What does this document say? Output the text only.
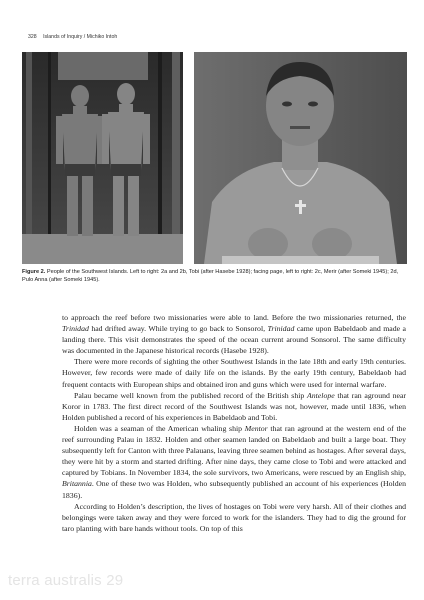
328 Islands of Inquiry / Michiko Intoh
Figure 2. People of the Southwest Islands. Left to right: 2a and 2b, Tobi (after Hasebe 1928); facing page, left to right: 2c, Merir (after Someki 1945); 2d, Pulo Anna (after Someki 1945).

to approach the reef before two missionaries were able to land. Before the two missionaries returned, the Trinidad had drifted away. While trying to go back to Sonsorol, Trinidad came upon Babeldaob and made a landing there. This visit demonstrates the speed of the ocean current around Sonsorol. The same difficulty was documented in the Japanese historical records (Hasebe 1928).

There were more records of sighting the other Southwest Islands in the late 18th and early 19th centuries. However, few records were made of daily life on the islands. By the early 19th century, Babeldaob had frequent contacts with European ships and obtained iron and guns which were used for internal warfare.

Palau became well known from the published record of the British ship Antelope that ran aground near Koror in 1783. The first direct record of the Southwest Islands was not, however, made until 1836, when Holden published a record of his experiences in Babeldaob and Tobi.

Holden was a seaman of the American whaling ship Mentor that ran aground at the western end of the reef surrounding Palau in 1832. Holden and other seamen landed on Babeldaob and built a large boat. They subsequently left for Canton with three Palauans, leaving three seamen behind as hostages. After several days, they were hit by a storm and started drifting. After nine days, they came close to Tobi and were attacked and captured by Tobians. In November 1834, the sole survivors, two Americans, were rescued by an English ship, Britannia. One of these two was Holden, who subsequently published an account of his experiences (Holden 1836).

According to Holden’s description, the lives of hostages on Tobi were very harsh. All of their clothes and belongings were taken away and they were forced to work for the islanders. They had to dig the ground for taro planting with bare hands without tools. On top of this

terra australis 29
